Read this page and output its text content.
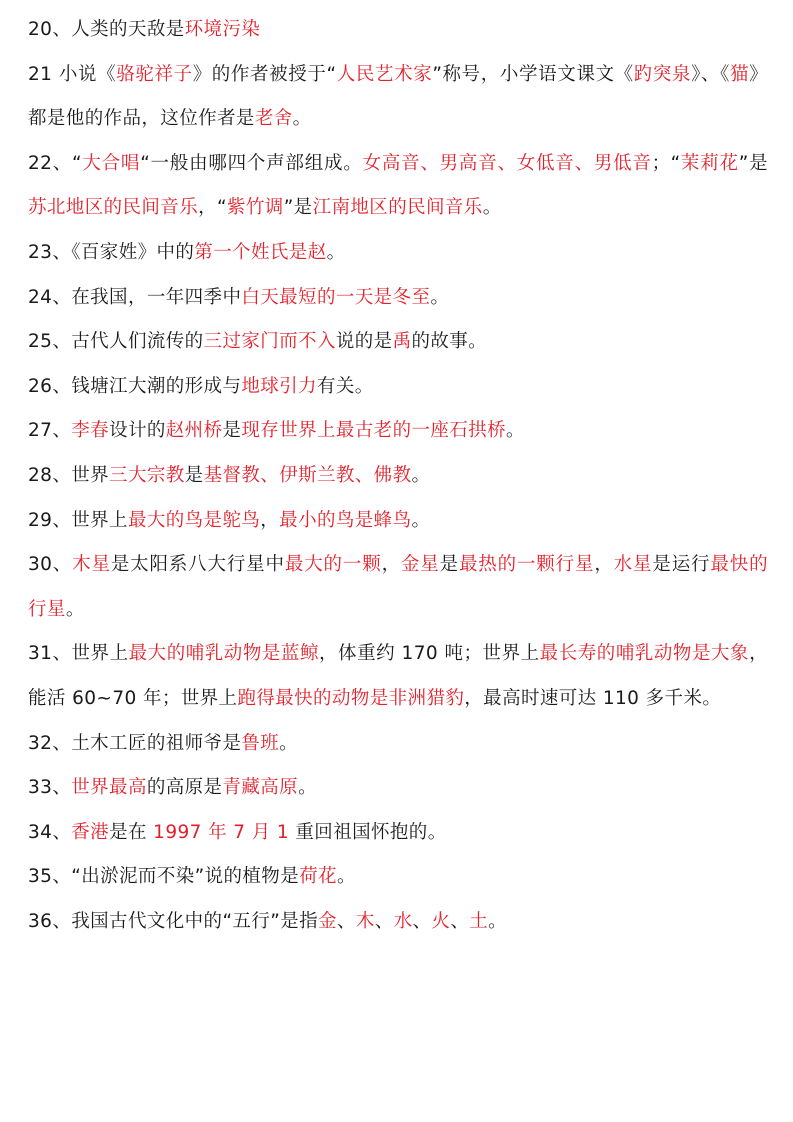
20、人类的天敌是环境污染

21 小说《骆驼祥子》的作者被授于“人民艺术家”称号，小学语文课文《趵突泉》、《猫》都是他的作品，这位作者是老舍。

22、“大合唱“一般由哪四个声部组成。女高音、男高音、女低音、男低音；“茉莉花”是苏北地区的民间音乐，“紫竹调”是江南地区的民间音乐。

23、《百家姓》中的第一个姓氏是赵。

24、在我国，一年四季中白天最短的一天是冬至。

25、古代人们流传的三过家门而不入说的是禹的故事。

26、钱塘江大潮的形成与地球引力有关。

27、李春设计的赵州桥是现存世界上最古老的一座石拱桥。

28、世界三大宗教是基督教、伊斯兰教、佛教。

29、世界上最大的鸟是鸵鸟，最小的鸟是蜂鸟。

30、木星是太阳系八大行星中最大的一颗，金星是最热的一颗行星，水星是运行最快的行星。

31、世界上最大的哺乳动物是蓝鲸，体重约 170 吨；世界上最长寿的哺乳动物是大象，能活 60~70 年；世界上跑得最快的动物是非洲猎豹，最高时速可达 110 多千米。

32、土木工匠的祖师爷是鲁班。

33、世界最高的高原是青藏高原。

34、香港是在 1997 年 7 月 1 重回祖国怀抱的。

35、“出淤泥而不染”说的植物是荷花。

36、我国古代文化中的“五行”是指金、木、水、火、土。
